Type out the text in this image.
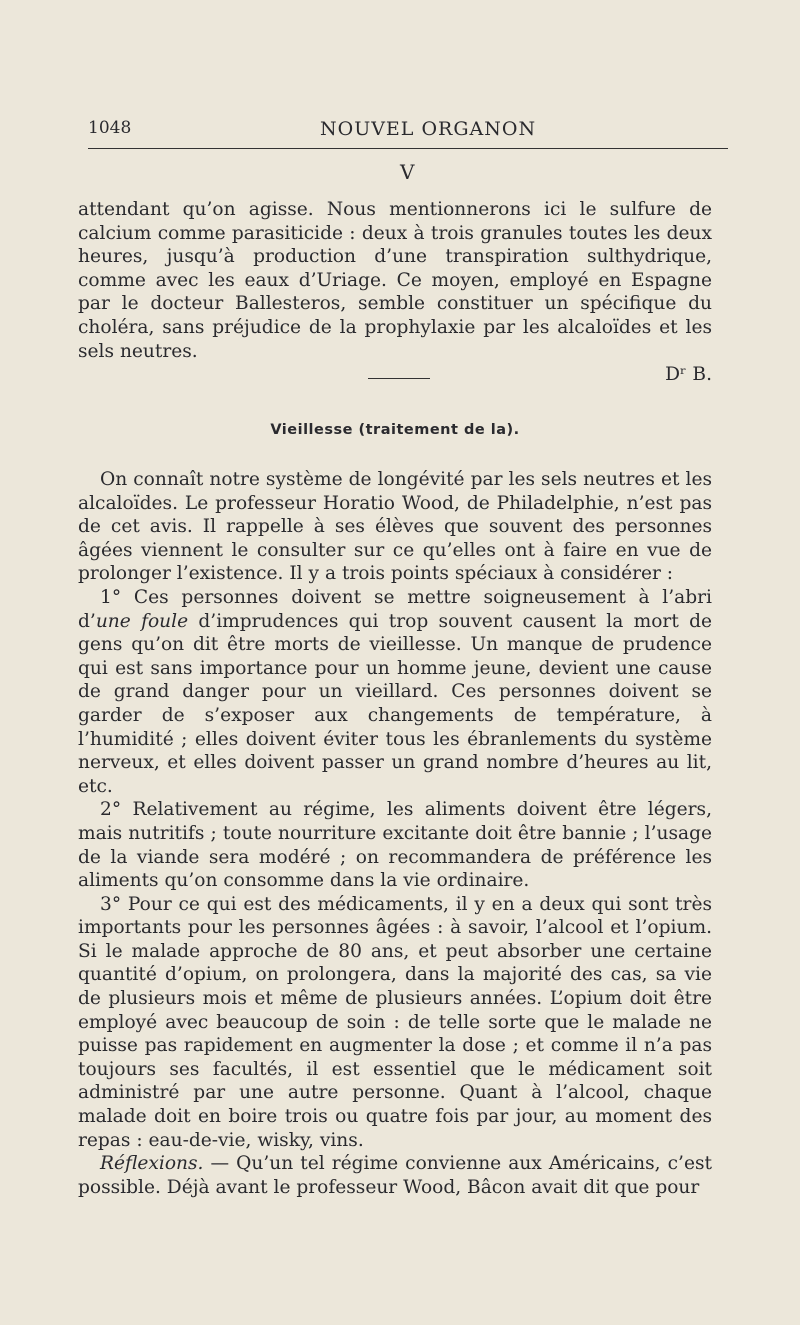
1048	NOUVEL ORGANON
V

attendant qu’on agisse. Nous mentionnerons ici le sulfure de calcium comme parasiticide : deux à trois granules toutes les deux heures, jusqu’à production d’une transpiration sulthydrique, comme avec les eaux d’Uriage. Ce moyen, employé en Espagne par le docteur Ballesteros, semble constituer un spécifique du choléra, sans préjudice de la prophylaxie par les alcaloïdes et les sels neutres.

Dʳ B.

Vieillesse (traitement de la).

On connaît notre système de longévité par les sels neutres et les alcaloïdes. Le professeur Horatio Wood, de Philadelphie, n’est pas de cet avis. Il rappelle à ses élèves que souvent des personnes âgées viennent le consulter sur ce qu’elles ont à faire en vue de prolonger l’existence. Il y a trois points spéciaux à considérer :

1° Ces personnes doivent se mettre soigneusement à l’abri d’une foule d’imprudences qui trop souvent causent la mort de gens qu’on dit être morts de vieillesse. Un manque de prudence qui est sans importance pour un homme jeune, devient une cause de grand danger pour un vieillard. Ces personnes doivent se garder de s’exposer aux changements de température, à l’humidité ; elles doivent éviter tous les ébranlements du système nerveux, et elles doivent passer un grand nombre d’heures au lit, etc.

2° Relativement au régime, les aliments doivent être légers, mais nutritifs ; toute nourriture excitante doit être bannie ; l’usage de la viande sera modéré ; on recommandera de préférence les aliments qu’on consomme dans la vie ordinaire.

3° Pour ce qui est des médicaments, il y en a deux qui sont très importants pour les personnes âgées : à savoir, l’alcool et l’opium. Si le malade approche de 80 ans, et peut absorber une certaine quantité d’opium, on prolongera, dans la majorité des cas, sa vie de plusieurs mois et même de plusieurs années. L’opium doit être employé avec beaucoup de soin : de telle sorte que le malade ne puisse pas rapidement en augmenter la dose ; et comme il n’a pas toujours ses facultés, il est essentiel que le médicament soit administré par une autre personne. Quant à l’alcool, chaque malade doit en boire trois ou quatre fois par jour, au moment des repas : eau-de-vie, wisky, vins.

Réflexions. — Qu’un tel régime convienne aux Américains, c’est possible. Déjà avant le professeur Wood, Bâcon avait dit que pour
